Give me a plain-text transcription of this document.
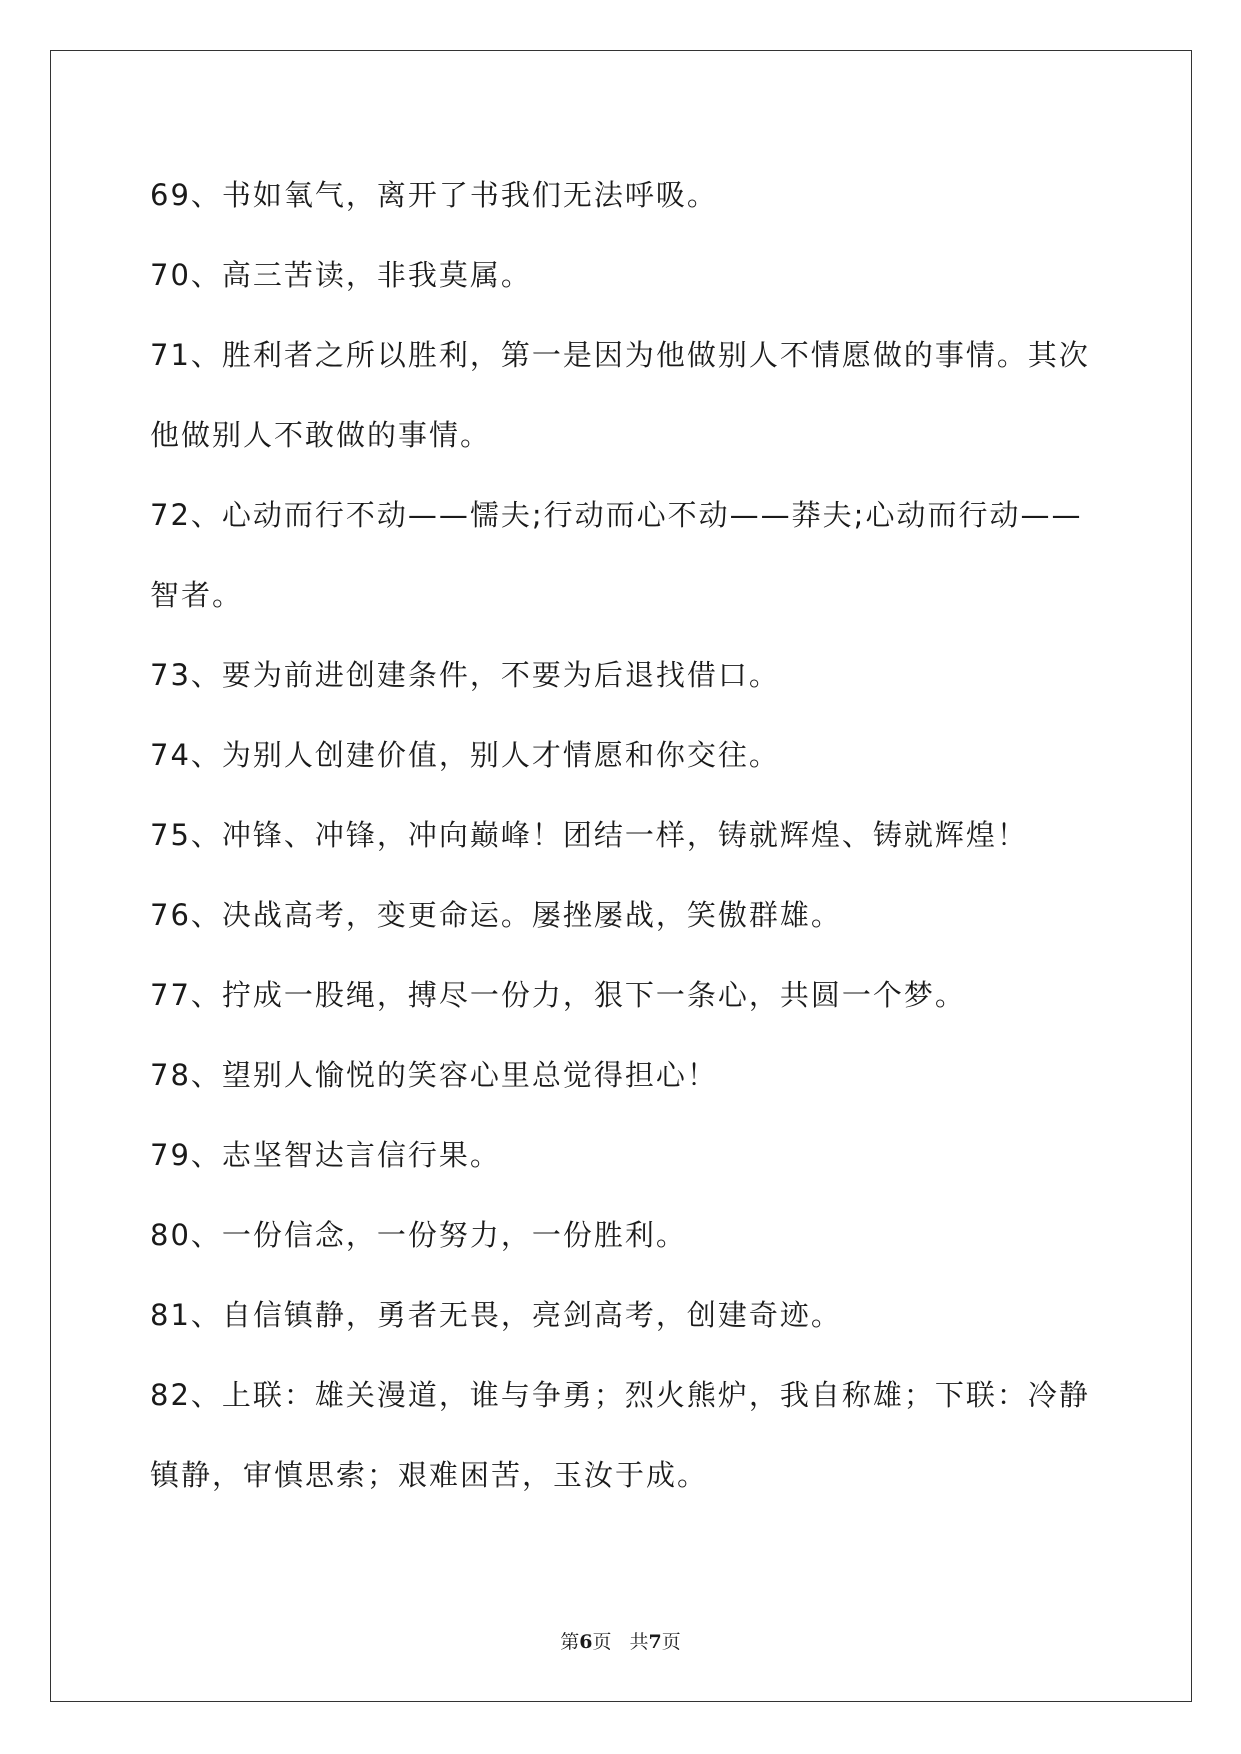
69、书如氧气，离开了书我们无法呼吸。
70、高三苦读，非我莫属。
71、胜利者之所以胜利，第一是因为他做别人不情愿做的事情。其次
他做别人不敢做的事情。
72、心动而行不动——懦夫;行动而心不动——莽夫;心动而行动——
智者。
73、要为前进创建条件，不要为后退找借口。
74、为别人创建价值，别人才情愿和你交往。
75、冲锋、冲锋，冲向巅峰！团结一样，铸就辉煌、铸就辉煌！
76、决战高考，变更命运。屡挫屡战，笑傲群雄。
77、拧成一股绳，搏尽一份力，狠下一条心，共圆一个梦。
78、望别人愉悦的笑容心里总觉得担心！
79、志坚智达言信行果。
80、一份信念，一份努力，一份胜利。
81、自信镇静，勇者无畏，亮剑高考，创建奇迹。
82、上联：雄关漫道，谁与争勇；烈火熊炉，我自称雄；下联：冷静
镇静，审慎思索；艰难困苦，玉汝于成。
第6页 共7页
